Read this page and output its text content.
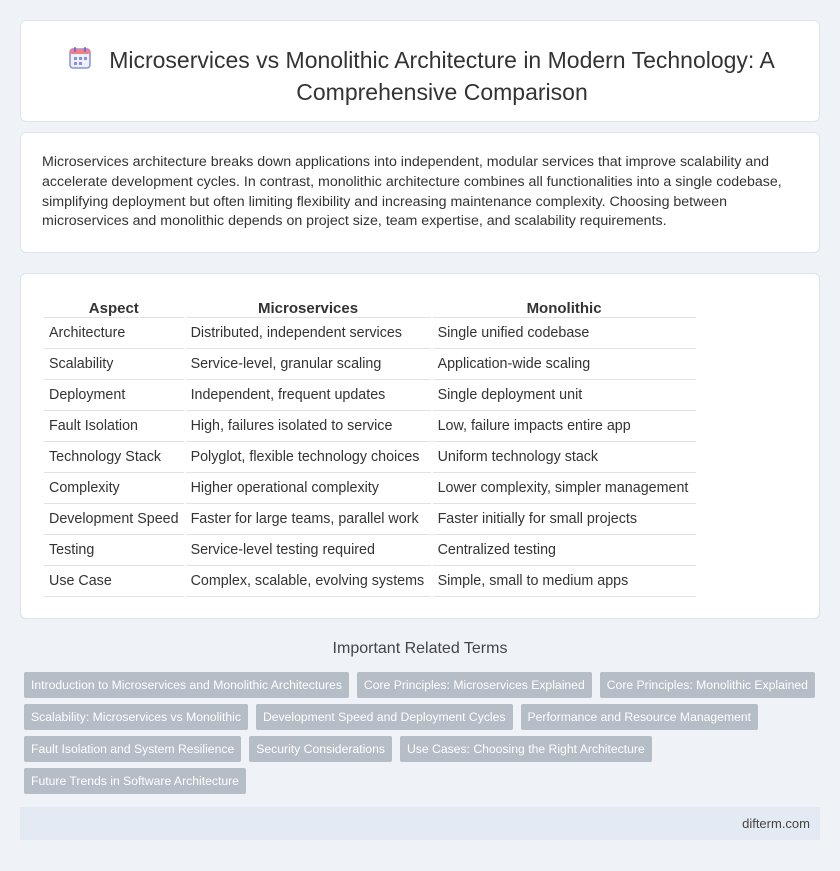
Microservices vs Monolithic Architecture in Modern Technology: A Comprehensive Comparison

Microservices architecture breaks down applications into independent, modular services that improve scalability and accelerate development cycles. In contrast, monolithic architecture combines all functionalities into a single codebase, simplifying deployment but often limiting flexibility and increasing maintenance complexity. Choosing between microservices and monolithic depends on project size, team expertise, and scalability requirements.

Aspect	Microservices	Monolithic
Architecture	Distributed, independent services	Single unified codebase
Scalability	Service-level, granular scaling	Application-wide scaling
Deployment	Independent, frequent updates	Single deployment unit
Fault Isolation	High, failures isolated to service	Low, failure impacts entire app
Technology Stack	Polyglot, flexible technology choices	Uniform technology stack
Complexity	Higher operational complexity	Lower complexity, simpler management
Development Speed	Faster for large teams, parallel work	Faster initially for small projects
Testing	Service-level testing required	Centralized testing
Use Case	Complex, scalable, evolving systems	Simple, small to medium apps
Important Related Terms
Introduction to Microservices and Monolithic Architectures	Core Principles: Microservices Explained	Core Principles: Monolithic Explained
Scalability: Microservices vs Monolithic	Development Speed and Deployment Cycles	Performance and Resource Management
Fault Isolation and System Resilience	Security Considerations	Use Cases: Choosing the Right Architecture
Future Trends in Software Architecture
difterm.com
